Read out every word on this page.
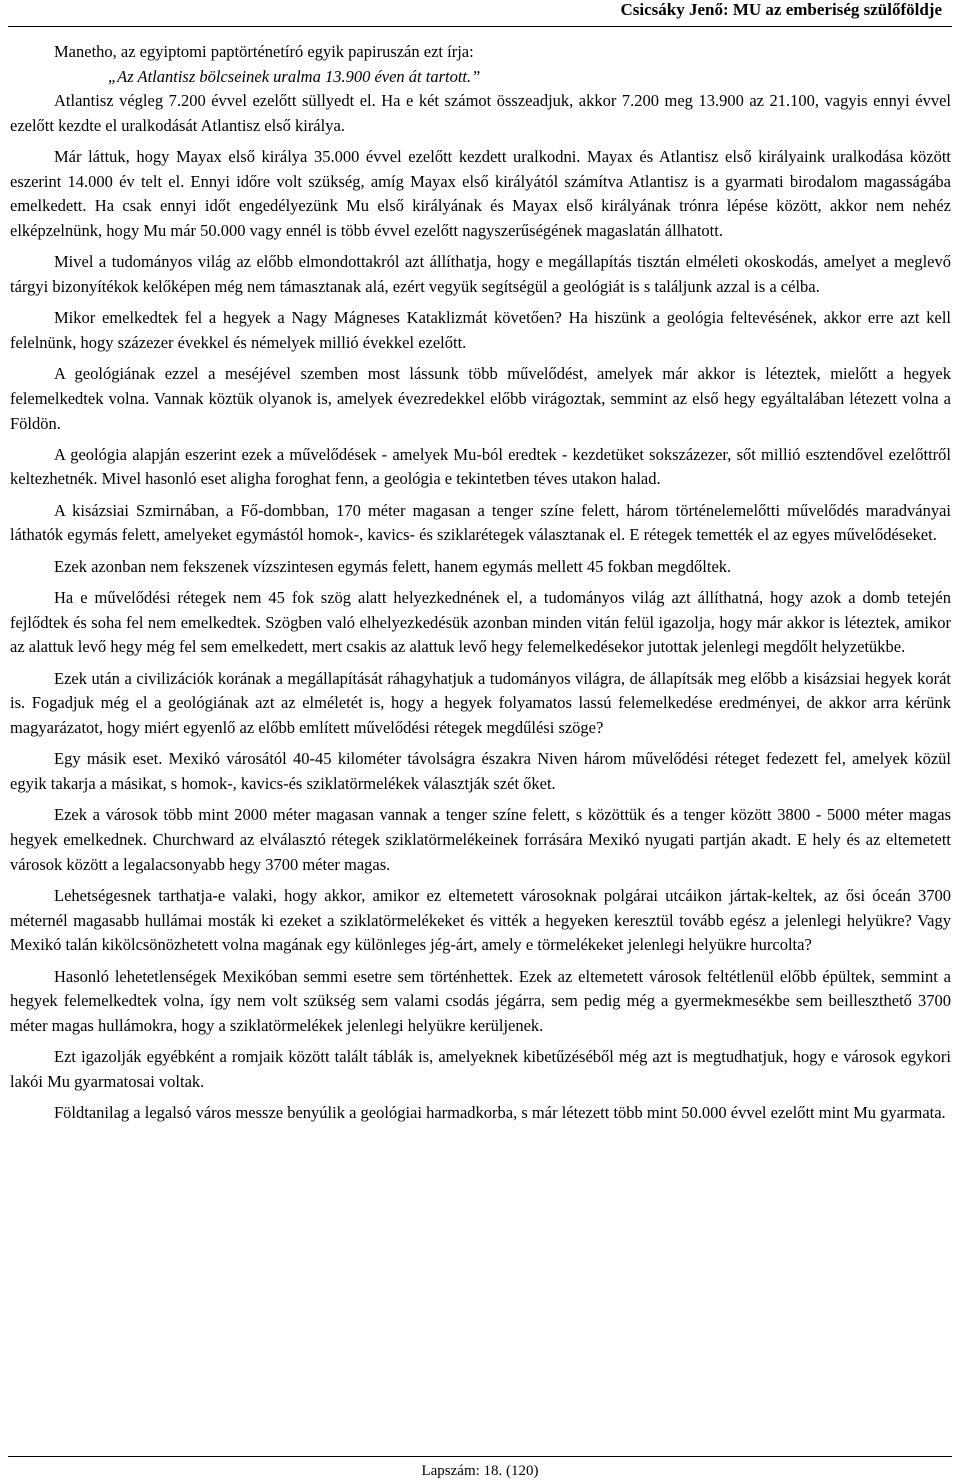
Csicsáky Jenő: MU az emberiség szülőföldje

Manetho, az egyiptomi paptörténetíró egyik papiruszán ezt írja:

„Az Atlantisz bölcseinek uralma 13.900 éven át tartott.”

Atlantisz végleg 7.200 évvel ezelőtt süllyedt el. Ha e két számot összeadjuk, akkor 7.200 meg 13.900 az 21.100, vagyis ennyi évvel ezelőtt kezdte el uralkodását Atlantisz első királya.

Már láttuk, hogy Mayax első királya 35.000 évvel ezelőtt kezdett uralkodni. Mayax és Atlantisz első királyaink uralkodása között eszerint 14.000 év telt el. Ennyi időre volt szükség, amíg Mayax első királyától számítva Atlantisz is a gyarmati birodalom magasságába emelkedett. Ha csak ennyi időt engedélyezünk Mu első királyának és Mayax első királyának trónra lépése között, akkor nem nehéz elképzelnünk, hogy Mu már 50.000 vagy ennél is több évvel ezelőtt nagyszerűségének magaslatán állhatott.

Mivel a tudományos világ az előbb elmondottakról azt állíthatja, hogy e megállapítás tisztán elméleti okoskodás, amelyet a meglevő tárgyi bizonyítékok kelőképen még nem támasztanak alá, ezért vegyük segítségül a geológiát is s találjunk azzal is a célba.

Mikor emelkedtek fel a hegyek a Nagy Mágneses Kataklizmát követően? Ha hiszünk a geológia feltevésének, akkor erre azt kell felelnünk, hogy százezer évekkel és némelyek millió évekkel ezelőtt.

A geológiának ezzel a meséjével szemben most lássunk több művelődést, amelyek már akkor is léteztek, mielőtt a hegyek felemelkedtek volna. Vannak köztük olyanok is, amelyek évezredekkel előbb virágoztak, semmint az első hegy egyáltalában létezett volna a Földön.

A geológia alapján eszerint ezek a művelődések - amelyek Mu-ból eredtek - kezdetüket sokszázezer, sőt millió esztendővel ezelőttről keltezhetnék. Mivel hasonló eset aligha foroghat fenn, a geológia e tekintetben téves utakon halad.

A kisázsiai Szmirnában, a Fő-dombban, 170 méter magasan a tenger színe felett, három történelemelőtti művelődés maradványai láthatók egymás felett, amelyeket egymástól homok-, kavics- és sziklarétegek választanak el. E rétegek temették el az egyes művelődéseket.

Ezek azonban nem fekszenek vízszintesen egymás felett, hanem egymás mellett 45 fokban megdőltek.

Ha e művelődési rétegek nem 45 fok szög alatt helyezkednének el, a tudományos világ azt állíthatná, hogy azok a domb tetején fejlődtek és soha fel nem emelkedtek. Szögben való elhelyezkedésük azonban minden vitán felül igazolja, hogy már akkor is léteztek, amikor az alattuk levő hegy még fel sem emelkedett, mert csakis az alattuk levő hegy felemelkedésekor jutottak jelenlegi megdőlt helyzetükbe.

Ezek után a civilizációk korának a megállapítását ráhagyhatjuk a tudományos világra, de állapítsák meg előbb a kisázsiai hegyek korát is. Fogadjuk még el a geológiának azt az elméletét is, hogy a hegyek folyamatos lassú felemelkedése eredményei, de akkor arra kérünk magyarázatot, hogy miért egyenlő az előbb említett művelődési rétegek megdűlési szöge?

Egy másik eset. Mexikó városától 40-45 kilométer távolságra északra Niven három művelődési réteget fedezett fel, amelyek közül egyik takarja a másikat, s homok-, kavics-és sziklatörmelékek választják szét őket.

Ezek a városok több mint 2000 méter magasan vannak a tenger színe felett, s közöttük és a tenger között 3800 - 5000 méter magas hegyek emelkednek. Churchward az elválasztó rétegek sziklatörmelékeinek forrására Mexikó nyugati partján akadt. E hely és az eltemetett városok között a legalacsonyabb hegy 3700 méter magas.

Lehetségesnek tarthatja-e valaki, hogy akkor, amikor ez eltemetett városoknak polgárai utcáikon jártak-keltek, az ősi óceán 3700 méternél magasabb hullámai mosták ki ezeket a sziklatörmelékeket és vitték a hegyeken keresztül tovább egész a jelenlegi helyükre? Vagy Mexikó talán kikölcsönözhetett volna magának egy különleges jég-árt, amely e törmelékeket jelenlegi helyükre hurcolta?

Hasonló lehetetlenségek Mexikóban semmi esetre sem történhettek. Ezek az eltemetett városok feltétlenül előbb épültek, semmint a hegyek felemelkedtek volna, így nem volt szükség sem valami csodás jégárra, sem pedig még a gyermekmesékbe sem beilleszthető 3700 méter magas hullámokra, hogy a sziklatörmelékek jelenlegi helyükre kerüljenek.

Ezt igazolják egyébként a romjaik között talált táblák is, amelyeknek kibetűzéséből még azt is megtudhatjuk, hogy e városok egykori lakói Mu gyarmatosai voltak.

Földtanilag a legalsó város messze benyúlik a geológiai harmadkorba, s már létezett több mint 50.000 évvel ezelőtt mint Mu gyarmata.

Lapszám: 18. (120)
